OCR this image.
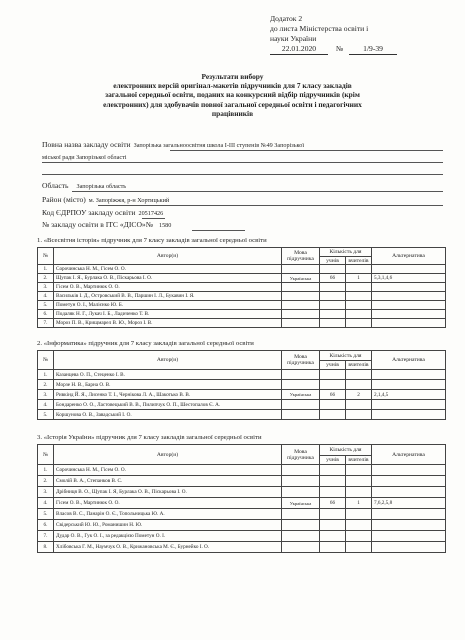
Додаток 2
до листа Міністерства освіти і
науки України
22.01.2020	№	1/9-39
Результати вибору
електронних версій оригінал-макетів підручників для 7 класу закладів
загальної середньої освіти, поданих на конкурсний відбір підручників (крім
електронних) для здобувачів повної загальної середньої освіти і педагогічних
працівників
Повна назва закладу освіти Запорізька загальноосвітня школа І-ІІІ ступенів №49 Запорізької
міської ради Запорізької області
Область Запорізька область
Район (місто) м. Запоріжжя, р-н Хортицький
Код ЄДРПОУ закладу освіти 20517426
№ закладу освіти в ІТС «ДІСО»№ 1580
1. «Всесвітня історія» підручник для 7 класу закладів загальної середньої освіти
№	Автор(и)	Мова підручника	Кількість для		Альтернатива
			учнів	вчителів	
1.	Сорочинська Н. М., Гісем О. О.				
2.	Щупак І. Я., Бурлака О. В., Піскарьова І. О.	Українська	66	1	5,3,1,4,6
3.	Гісем О. В., Мартинюк О. О.				
4.	Васильків І. Д., Островський В. В., Паршин І. Л., Букавин І. Я.				
5.	Пометун О. І., Малієнко Ю. Б.				
6.	Подаляк Н. Г., Лукач І. Б., Ладиченко Т. В.				
7.	Мороз П. В., Крищмарел В. Ю., Мороз І. В.				
2. «Інформатика» підручник для 7 класу закладів загальної середньої освіти
№	Автор(и)	Мова підручника	Кількість для		Альтернатива
			учнів	вчителів	
1.	Казанцева О. П., Стеценко І. В.				
2.	Морзе Н. В., Барна О. В.				
3.	Ривкінд Й. Я., Лисенко Т. І., Чернікова Л. А., Шакотько В. В.	Українська	66	2	2,1,4,5
4.	Бондаренко О. О., Ластовецький В. В., Пилипчук О. П., Шестопалов Є. А.				
5.	Коршунова О. В., Завадський І. О.				
3. «Історія України» підручник для 7 класу закладів загальної середньої освіти
№	Автор(и)	Мова підручника	Кількість для		Альтернатива
			учнів	вчителів	
1.	Сорочинська Н. М., Гісем О. О.				
2.	Смолій В. А., Степанков В. С.				
3.	Дрібниця В. О., Щупак І. Я, Бурлака О. В., Піскарьова І. О.				
4.	Гісем О. В., Мартинюк О. О.	Українська	66	1	7,6,2,5,8
5.	Власов В. С., Панарін О. Є., Топольницька Ю. А.				
6.	Свідерський Ю. Ю., Романишин Н. Ю.				
7.	Дудар О. В., Гук О. І., за редакцією Пометун О. І.				
8.	Хлібовська Г. М., Наумчук О. В., Крижановська М. Є., Бурнейко І. О.				
